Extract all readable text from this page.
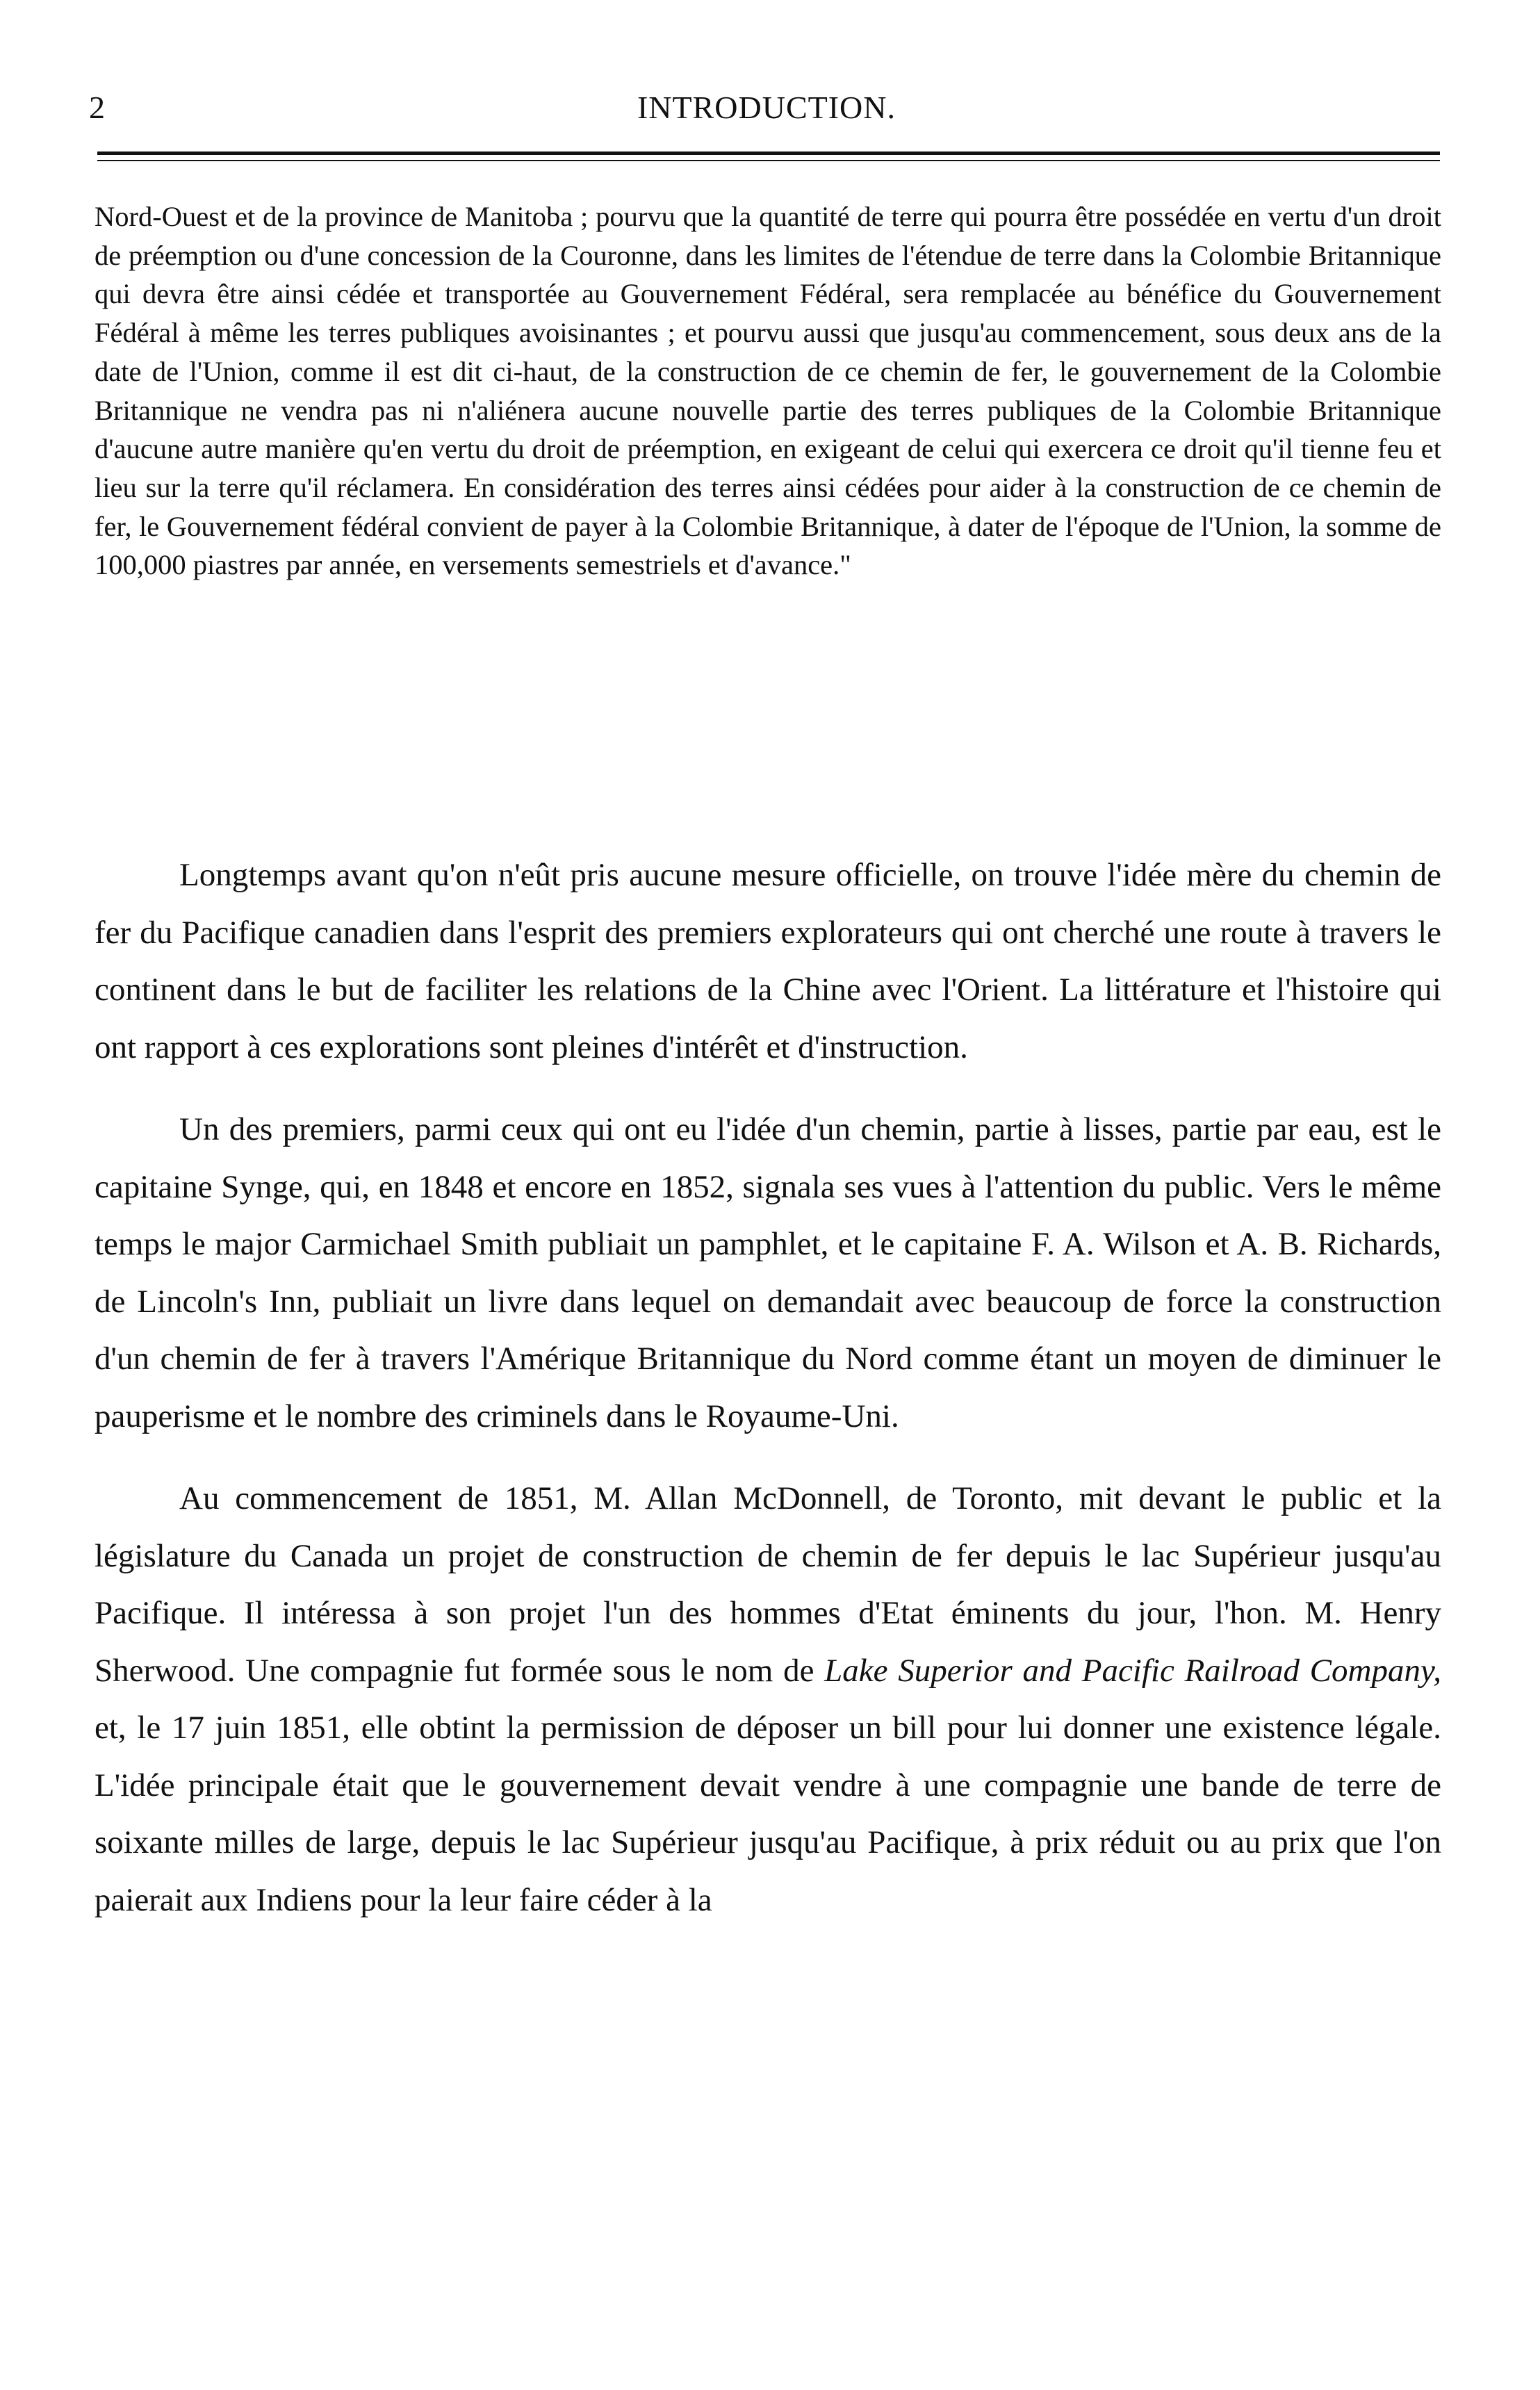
2	INTRODUCTION.

Nord-Ouest et de la province de Manitoba ; pourvu que la quantité de terre qui pourra être possédée en vertu d'un droit de préemption ou d'une concession de la Couronne, dans les limites de l'étendue de terre dans la Colombie Britannique qui devra être ainsi cédée et transportée au Gouvernement Fédéral, sera remplacée au bénéfice du Gouvernement Fédéral à même les terres publiques avoisinantes ; et pourvu aussi que jusqu'au commencement, sous deux ans de la date de l'Union, comme il est dit ci-haut, de la construction de ce chemin de fer, le gouvernement de la Colombie Britannique ne vendra pas ni n'aliénera aucune nouvelle partie des terres publiques de la Colombie Britannique d'aucune autre manière qu'en vertu du droit de préemption, en exigeant de celui qui exercera ce droit qu'il tienne feu et lieu sur la terre qu'il réclamera. En considération des terres ainsi cédées pour aider à la construction de ce chemin de fer, le Gouvernement fédéral convient de payer à la Colombie Britannique, à dater de l'époque de l'Union, la somme de 100,000 piastres par année, en versements semestriels et d'avance."

Longtemps avant qu'on n'eût pris aucune mesure officielle, on trouve l'idée mère du chemin de fer du Pacifique canadien dans l'esprit des premiers explorateurs qui ont cherché une route à travers le continent dans le but de faciliter les relations de la Chine avec l'Orient. La littérature et l'histoire qui ont rapport à ces explorations sont pleines d'intérêt et d'instruction.

Un des premiers, parmi ceux qui ont eu l'idée d'un chemin, partie à lisses, partie par eau, est le capitaine Synge, qui, en 1848 et encore en 1852, signala ses vues à l'attention du public. Vers le même temps le major Carmichael Smith publiait un pamphlet, et le capitaine F. A. Wilson et A. B. Richards, de Lincoln's Inn, publiait un livre dans lequel on demandait avec beaucoup de force la construction d'un chemin de fer à travers l'Amérique Britannique du Nord comme étant un moyen de diminuer le pauperisme et le nombre des criminels dans le Royaume-Uni.

Au commencement de 1851, M. Allan McDonnell, de Toronto, mit devant le public et la législature du Canada un projet de construction de chemin de fer depuis le lac Supérieur jusqu'au Pacifique. Il intéressa à son projet l'un des hommes d'Etat éminents du jour, l'hon. M. Henry Sherwood. Une compagnie fut formée sous le nom de Lake Superior and Pacific Railroad Company, et, le 17 juin 1851, elle obtint la permission de déposer un bill pour lui donner une existence légale. L'idée principale était que le gouvernement devait vendre à une compagnie une bande de terre de soixante milles de large, depuis le lac Supérieur jusqu'au Pacifique, à prix réduit ou au prix que l'on paierait aux Indiens pour la leur faire céder à la
